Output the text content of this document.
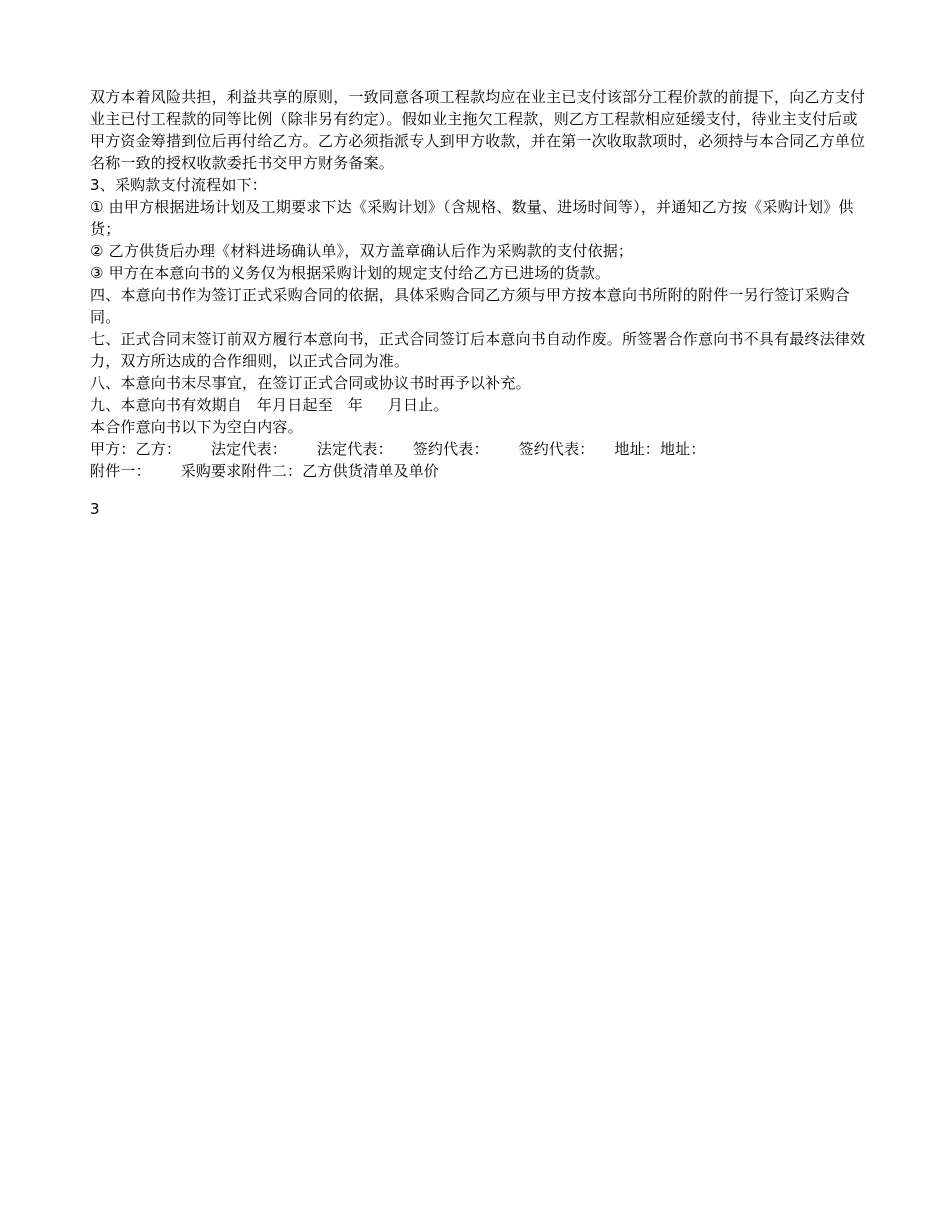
双方本着风险共担，利益共享的原则，一致同意各项工程款均应在业主已支付该部分工程价款的前提下，向乙方支付业主已付工程款的同等比例（除非另有约定）。假如业主拖欠工程款，则乙方工程款相应延缓支付，待业主支付后或甲方资金筹措到位后再付给乙方。乙方必须指派专人到甲方收款，并在第一次收取款项时，必须持与本合同乙方单位名称一致的授权收款委托书交甲方财务备案。

3、采购款支付流程如下：

① 由甲方根据进场计划及工期要求下达《采购计划》（含规格、数量、进场时间等），并通知乙方按《采购计划》供货；

② 乙方供货后办理《材料进场确认单》，双方盖章确认后作为采购款的支付依据；

③ 甲方在本意向书的义务仅为根据采购计划的规定支付给乙方已进场的货款。

四、本意向书作为签订正式采购合同的依据，具体采购合同乙方须与甲方按本意向书所附的附件一另行签订采购合同。

七、正式合同末签订前双方履行本意向书，正式合同签订后本意向书自动作废。所签署合作意向书不具有最终法律效力，双方所达成的合作细则，以正式合同为准。

八、本意向书末尽事宜，在签订正式合同或协议书时再予以补充。

九、本意向书有效期自   年月日起至   年     月日止。

本合作意向书以下为空白内容。

甲方：乙方：      法定代表：      法定代表：    签约代表：      签约代表：    地址：地址：

附件一：      采购要求附件二：乙方供货清单及单价

3
